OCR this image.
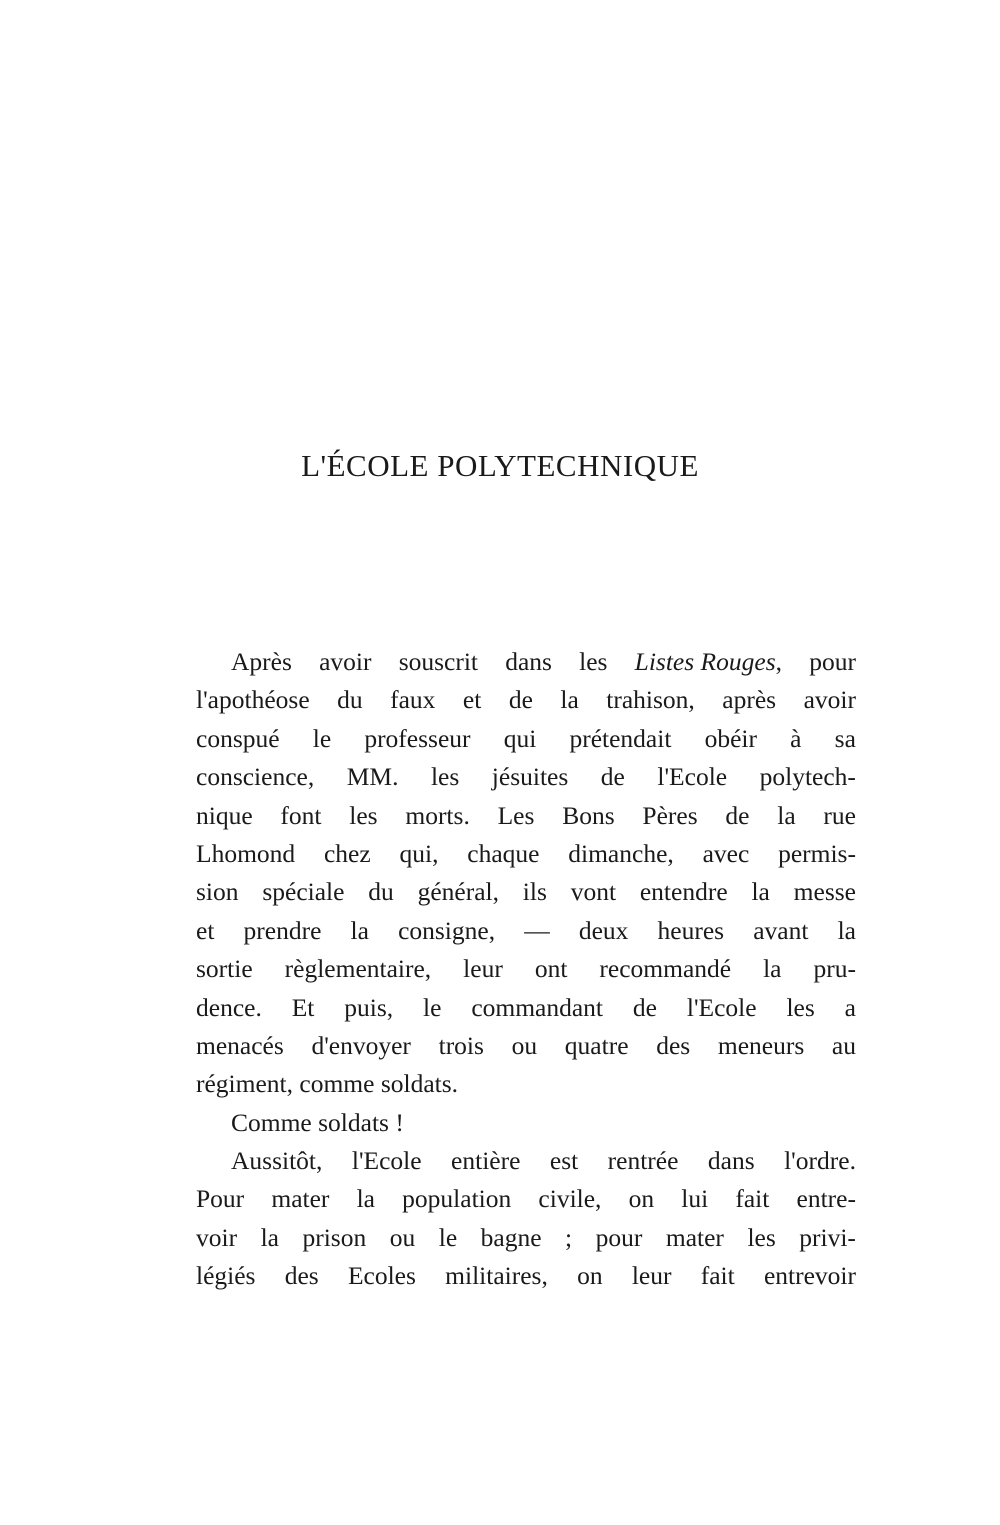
L'ÉCOLE POLYTECHNIQUE
Après avoir souscrit dans les Listes Rouges, pour
l'apothéose du faux et de la trahison, après avoir
conspué le professeur qui prétendait obéir à sa
conscience, MM. les jésuites de l'Ecole polytech-
nique font les morts. Les Bons Pères de la rue
Lhomond chez qui, chaque dimanche, avec permis-
sion spéciale du général, ils vont entendre la messe
et prendre la consigne, — deux heures avant la
sortie règlementaire, leur ont recommandé la pru-
dence. Et puis, le commandant de l'Ecole les a
menacés d'envoyer trois ou quatre des meneurs au
régiment, comme soldats.
Comme soldats !
Aussitôt, l'Ecole entière est rentrée dans l'ordre.
Pour mater la population civile, on lui fait entre-
voir la prison ou le bagne ; pour mater les privi-
légiés des Ecoles militaires, on leur fait entrevoir
